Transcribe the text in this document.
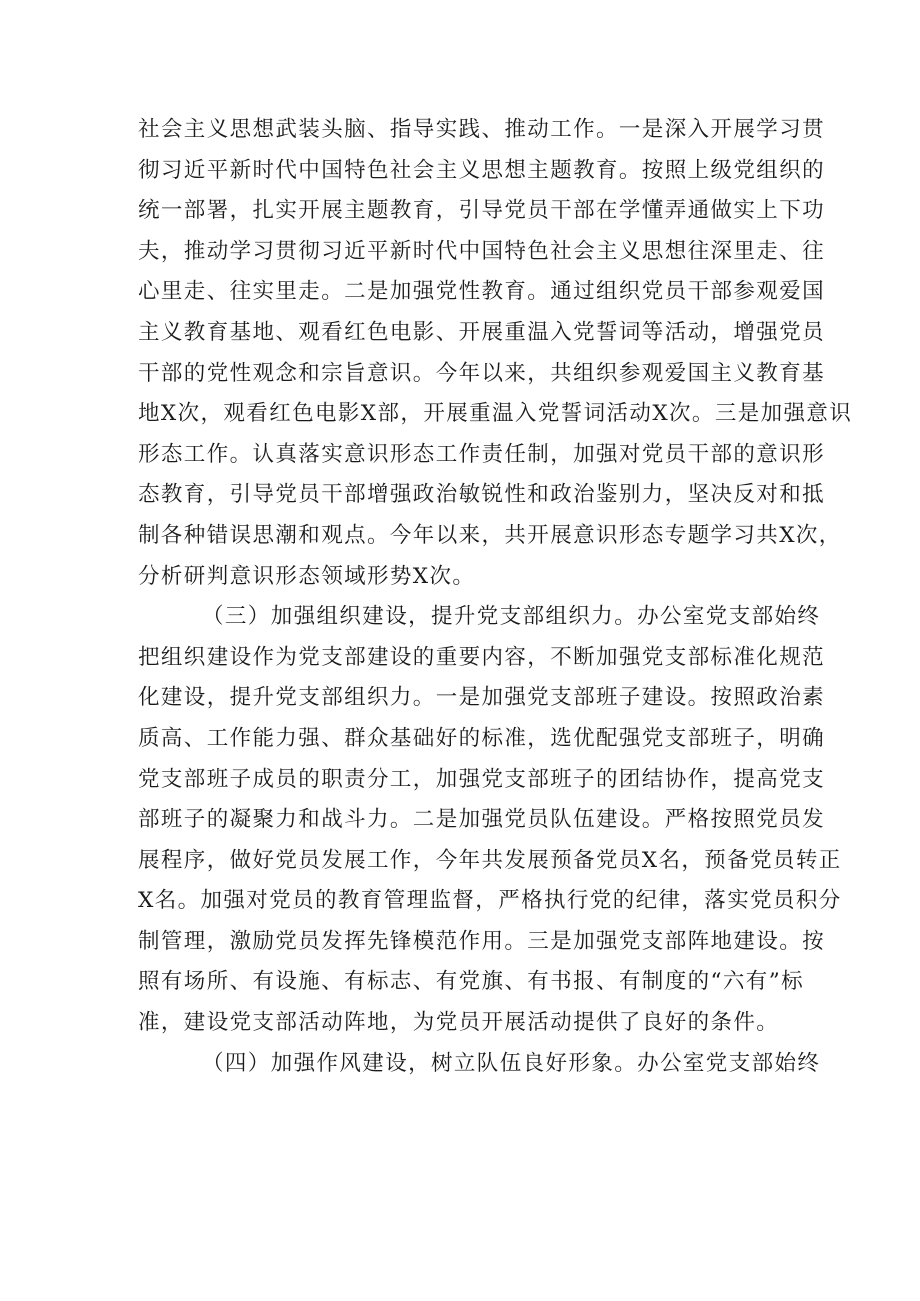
社会主义思想武装头脑、指导实践、推动工作。一是深入开展学习贯
彻习近平新时代中国特色社会主义思想主题教育。按照上级党组织的
统一部署，扎实开展主题教育，引导党员干部在学懂弄通做实上下功
夫，推动学习贯彻习近平新时代中国特色社会主义思想往深里走、往
心里走、往实里走。二是加强党性教育。通过组织党员干部参观爱国
主义教育基地、观看红色电影、开展重温入党誓词等活动，增强党员
干部的党性观念和宗旨意识。今年以来，共组织参观爱国主义教育基
地X次，观看红色电影X部，开展重温入党誓词活动X次。三是加强意识
形态工作。认真落实意识形态工作责任制，加强对党员干部的意识形
态教育，引导党员干部增强政治敏锐性和政治鉴别力，坚决反对和抵
制各种错误思潮和观点。今年以来，共开展意识形态专题学习共X次，
分析研判意识形态领域形势X次。
（三）加强组织建设，提升党支部组织力。办公室党支部始终
把组织建设作为党支部建设的重要内容，不断加强党支部标准化规范
化建设，提升党支部组织力。一是加强党支部班子建设。按照政治素
质高、工作能力强、群众基础好的标准，选优配强党支部班子，明确
党支部班子成员的职责分工，加强党支部班子的团结协作，提高党支
部班子的凝聚力和战斗力。二是加强党员队伍建设。严格按照党员发
展程序，做好党员发展工作，今年共发展预备党员X名，预备党员转正
X名。加强对党员的教育管理监督，严格执行党的纪律，落实党员积分
制管理，激励党员发挥先锋模范作用。三是加强党支部阵地建设。按
照有场所、有设施、有标志、有党旗、有书报、有制度的“六有”标
准，建设党支部活动阵地，为党员开展活动提供了良好的条件。
（四）加强作风建设，树立队伍良好形象。办公室党支部始终
